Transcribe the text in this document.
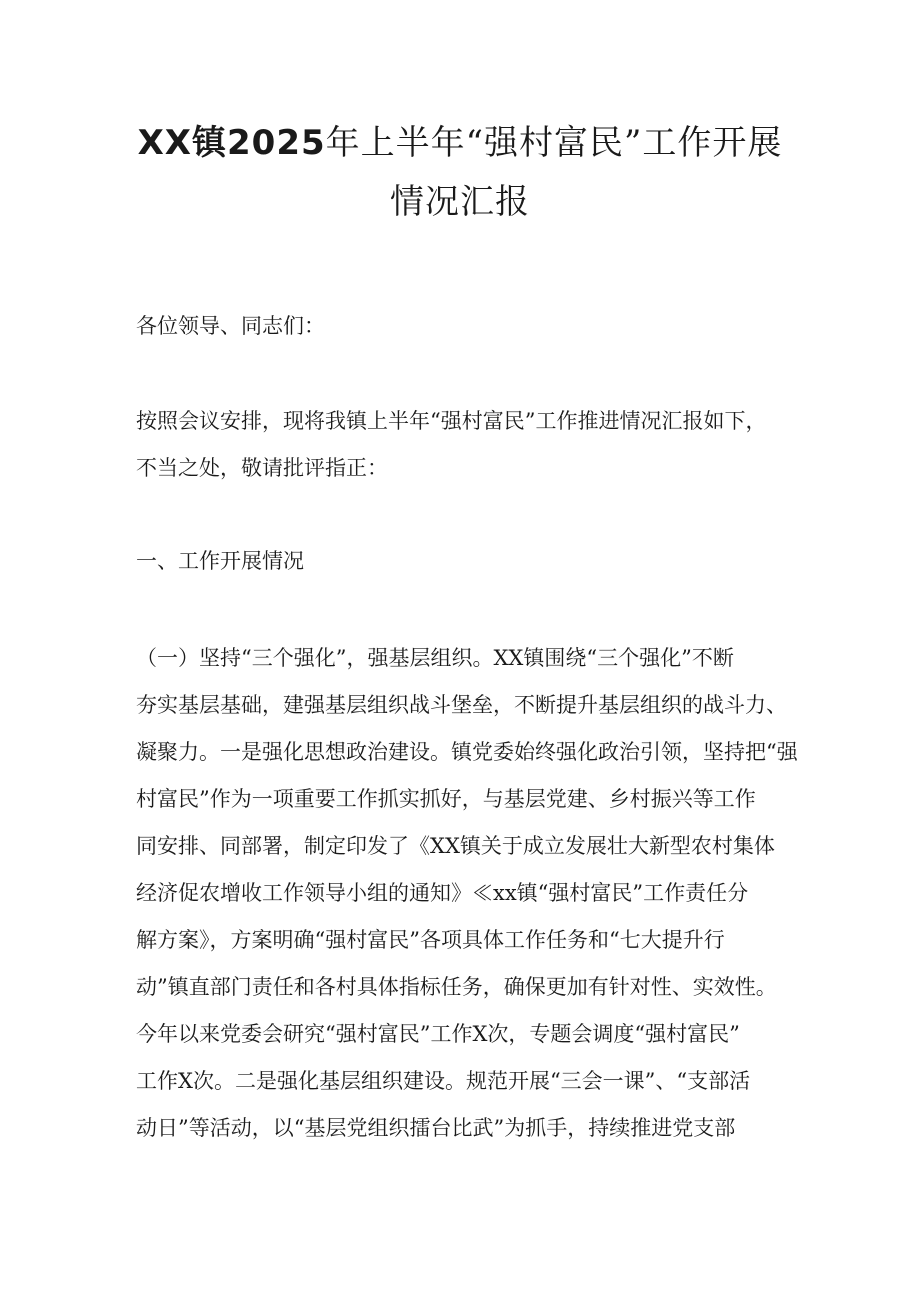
XX镇2025年上半年“强村富民”工作开展
情况汇报
各位领导、同志们：
按照会议安排，现将我镇上半年“强村富民”工作推进情况汇报如下，
不当之处，敬请批评指正：
一、工作开展情况
（一）坚持“三个强化”，强基层组织。XX镇围绕“三个强化”不断
夯实基层基础，建强基层组织战斗堡垒，不断提升基层组织的战斗力、
凝聚力。一是强化思想政治建设。镇党委始终强化政治引领，坚持把“强
村富民”作为一项重要工作抓实抓好，与基层党建、乡村振兴等工作
同安排、同部署，制定印发了《XX镇关于成立发展壮大新型农村集体
经济促农增收工作领导小组的通知》≪xx镇“强村富民”工作责任分
解方案》，方案明确“强村富民”各项具体工作任务和“七大提升行
动”镇直部门责任和各村具体指标任务，确保更加有针对性、实效性。
今年以来党委会研究“强村富民”工作X次，专题会调度“强村富民”
工作X次。二是强化基层组织建设。规范开展“三会一课”、“支部活
动日”等活动，以“基层党组织擂台比武”为抓手，持续推进党支部
